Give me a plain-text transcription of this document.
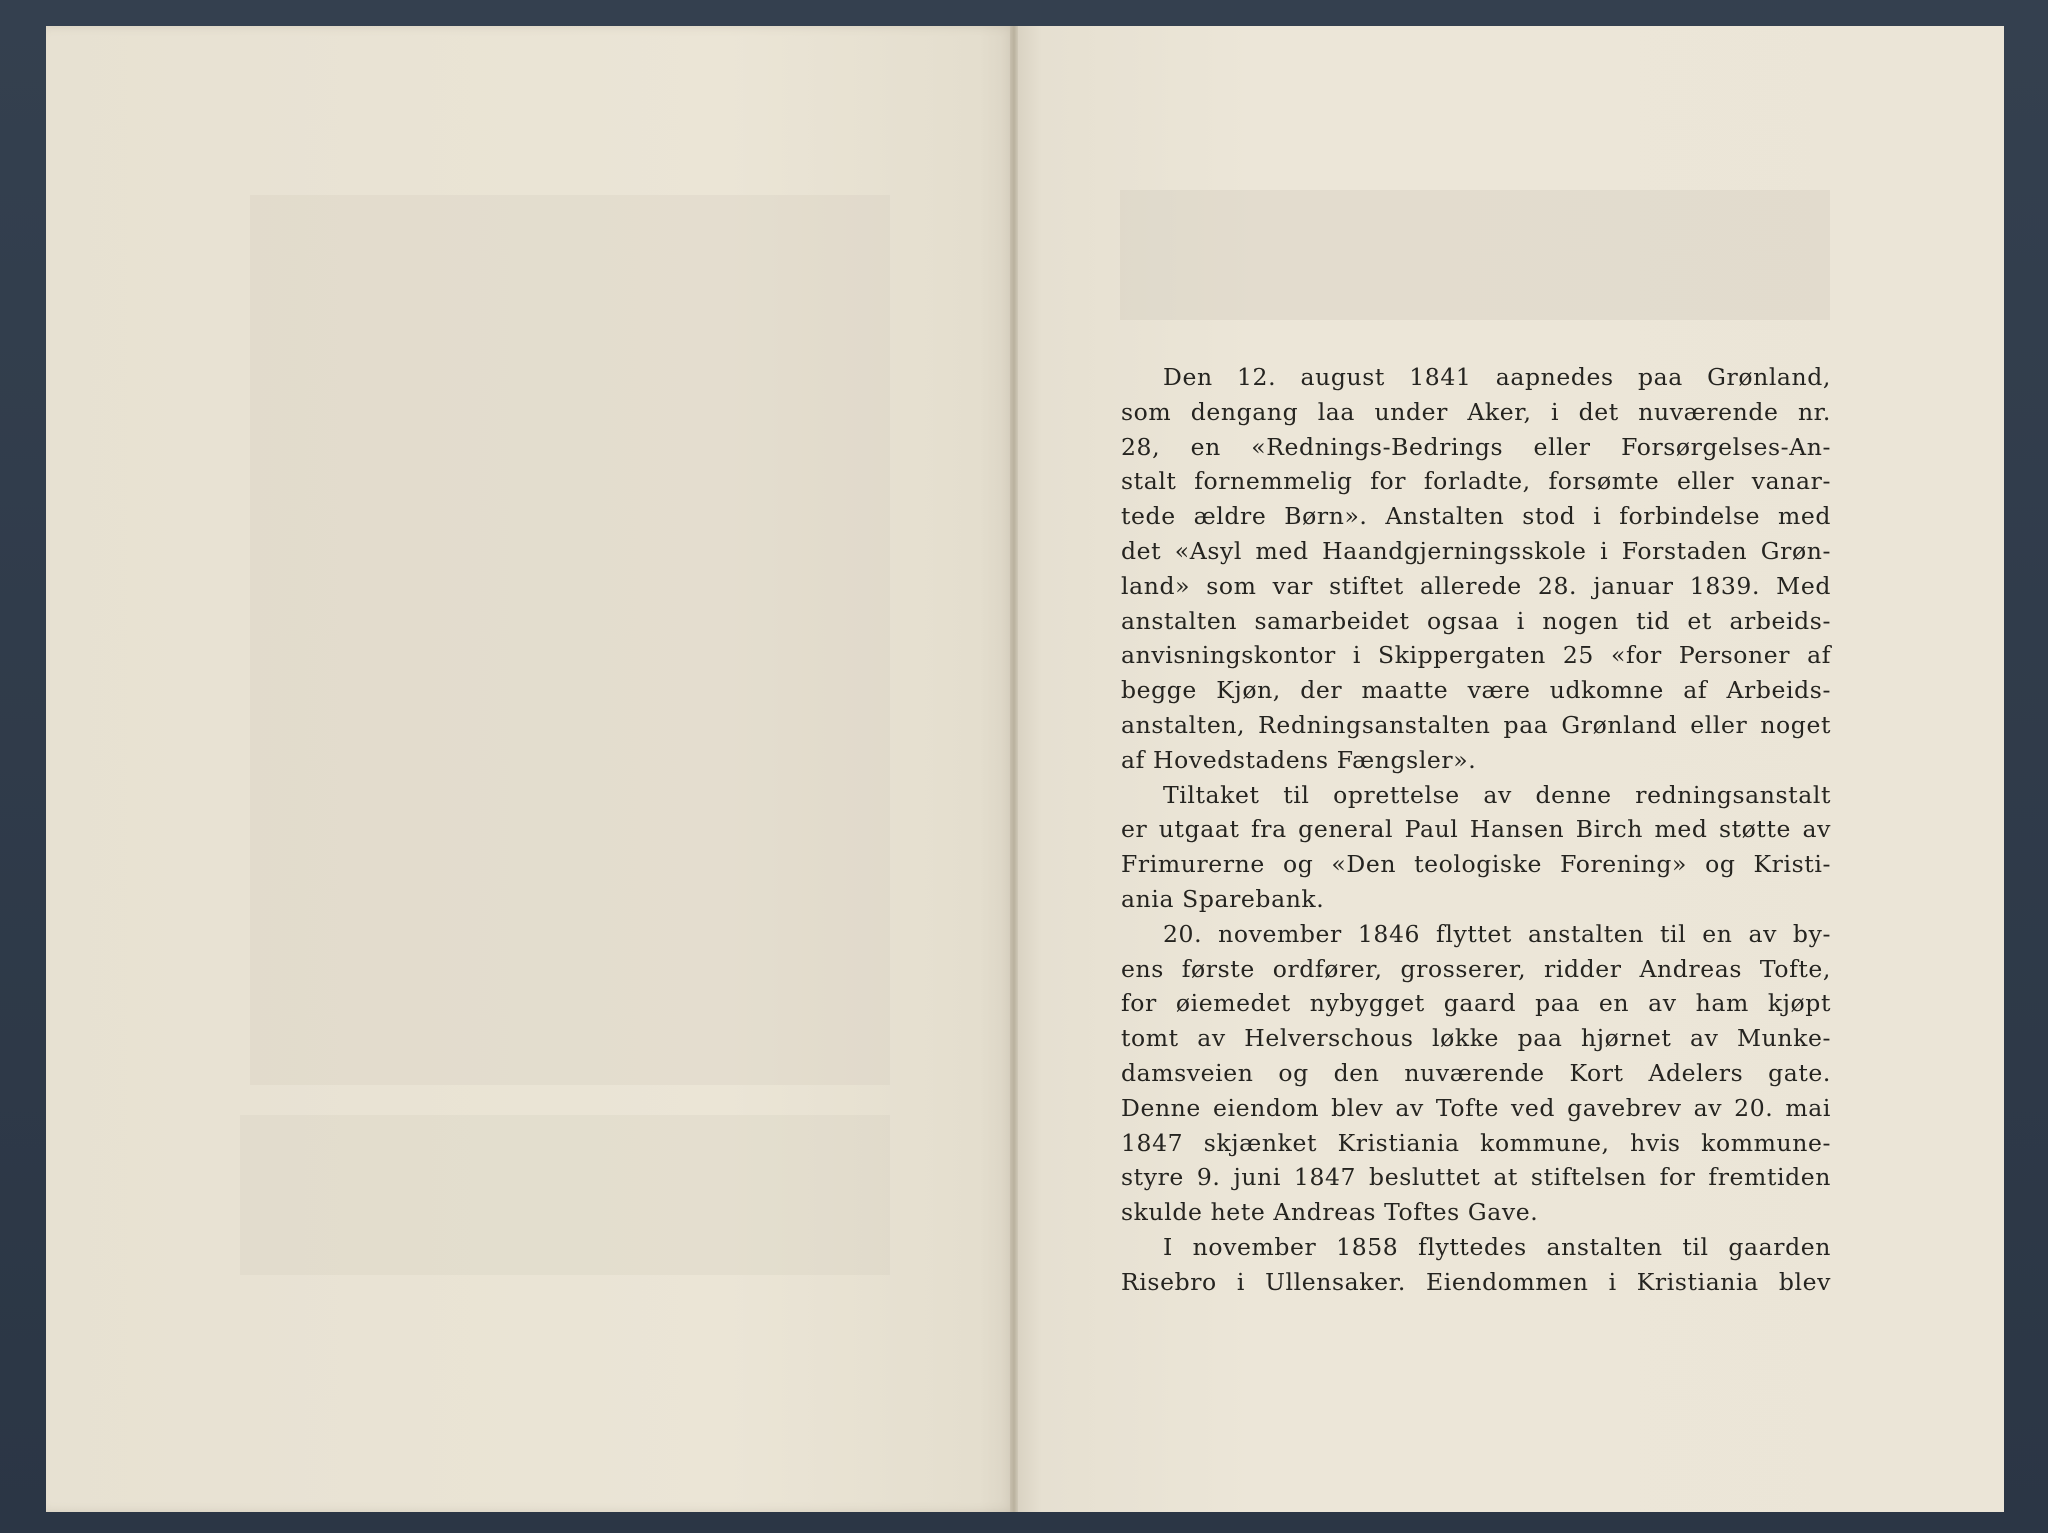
Den 12. august 1841 aapnedes paa Grønland,
som dengang laa under Aker, i det nuværende nr.
28, en «Rednings-Bedrings eller Forsørgelses-An-
stalt fornemmelig for forladte, forsømte eller vanar-
tede ældre Børn». Anstalten stod i forbindelse med
det «Asyl med Haandgjerningsskole i Forstaden Grøn-
land» som var stiftet allerede 28. januar 1839. Med
anstalten samarbeidet ogsaa i nogen tid et arbeids-
anvisningskontor i Skippergaten 25 «for Personer af
begge Kjøn, der maatte være udkomne af Arbeids-
anstalten, Redningsanstalten paa Grønland eller noget
af Hovedstadens Fængsler».
Tiltaket til oprettelse av denne redningsanstalt
er utgaat fra general Paul Hansen Birch med støtte av
Frimurerne og «Den teologiske Forening» og Kristi-
ania Sparebank.
20. november 1846 flyttet anstalten til en av by-
ens første ordfører, grosserer, ridder Andreas Tofte,
for øiemedet nybygget gaard paa en av ham kjøpt
tomt av Helverschous løkke paa hjørnet av Munke-
damsveien og den nuværende Kort Adelers gate.
Denne eiendom blev av Tofte ved gavebrev av 20. mai
1847 skjænket Kristiania kommune, hvis kommune-
styre 9. juni 1847 besluttet at stiftelsen for fremtiden
skulde hete Andreas Toftes Gave.
I november 1858 flyttedes anstalten til gaarden
Risebro i Ullensaker. Eiendommen i Kristiania blev
